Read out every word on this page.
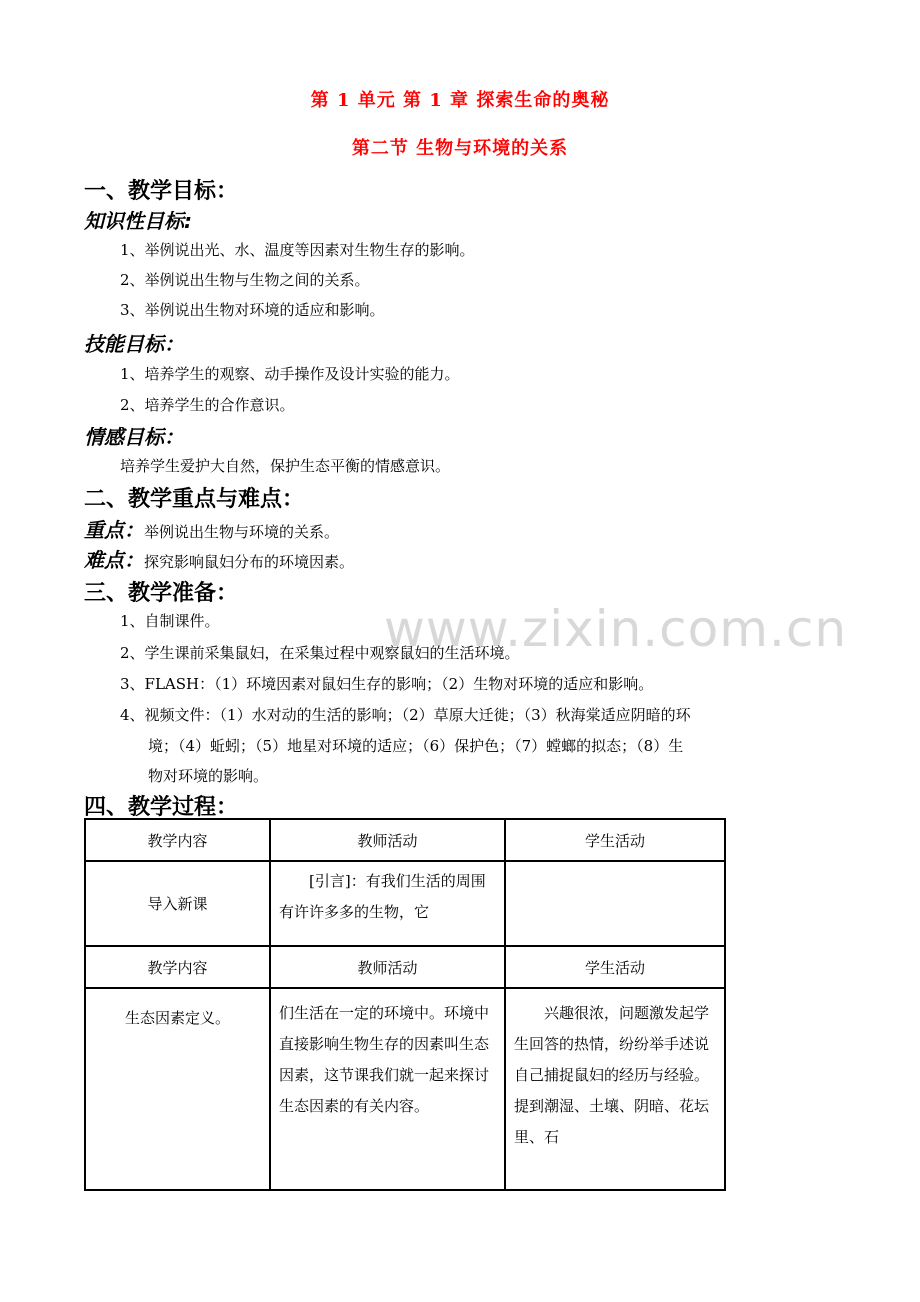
www.zixin.com.cn
第 1 单元 第 1 章 探索生命的奥秘
第二节 生物与环境的关系
一、教学目标：
知识性目标:
1、举例说出光、水、温度等因素对生物生存的影响。
2、举例说出生物与生物之间的关系。
3、举例说出生物对环境的适应和影响。
技能目标：
1、培养学生的观察、动手操作及设计实验的能力。
2、培养学生的合作意识。
情感目标：
培养学生爱护大自然，保护生态平衡的情感意识。
二、教学重点与难点：
重点：举例说出生物与环境的关系。
难点：探究影响鼠妇分布的环境因素。
三、教学准备：
1、自制课件。
2、学生课前采集鼠妇，在采集过程中观察鼠妇的生活环境。
3、FLASH：（1）环境因素对鼠妇生存的影响；（2）生物对环境的适应和影响。
4、视频文件：（1）水对动的生活的影响；（2）草原大迁徙；（3）秋海棠适应阴暗的环
境；（4）蚯蚓；（5）地星对环境的适应；（6）保护色；（7）螳螂的拟态；（8）生
物对环境的影响。
四、教学过程：
教学内容	教师活动	学生活动
导入新课	[引言]：有我们生活的周围有许许多多的生物，它	

教学内容	教师活动	学生活动

生态因素定义。	们生活在一定的环境中。环境中直接影响生物生存的因素叫生态因素，这节课我们就一起来探讨生态因素的有关内容。	兴趣很浓，问题激发起学生回答的热情，纷纷举手述说自己捕捉鼠妇的经历与经验。提到潮湿、土壤、阴暗、花坛里、石
